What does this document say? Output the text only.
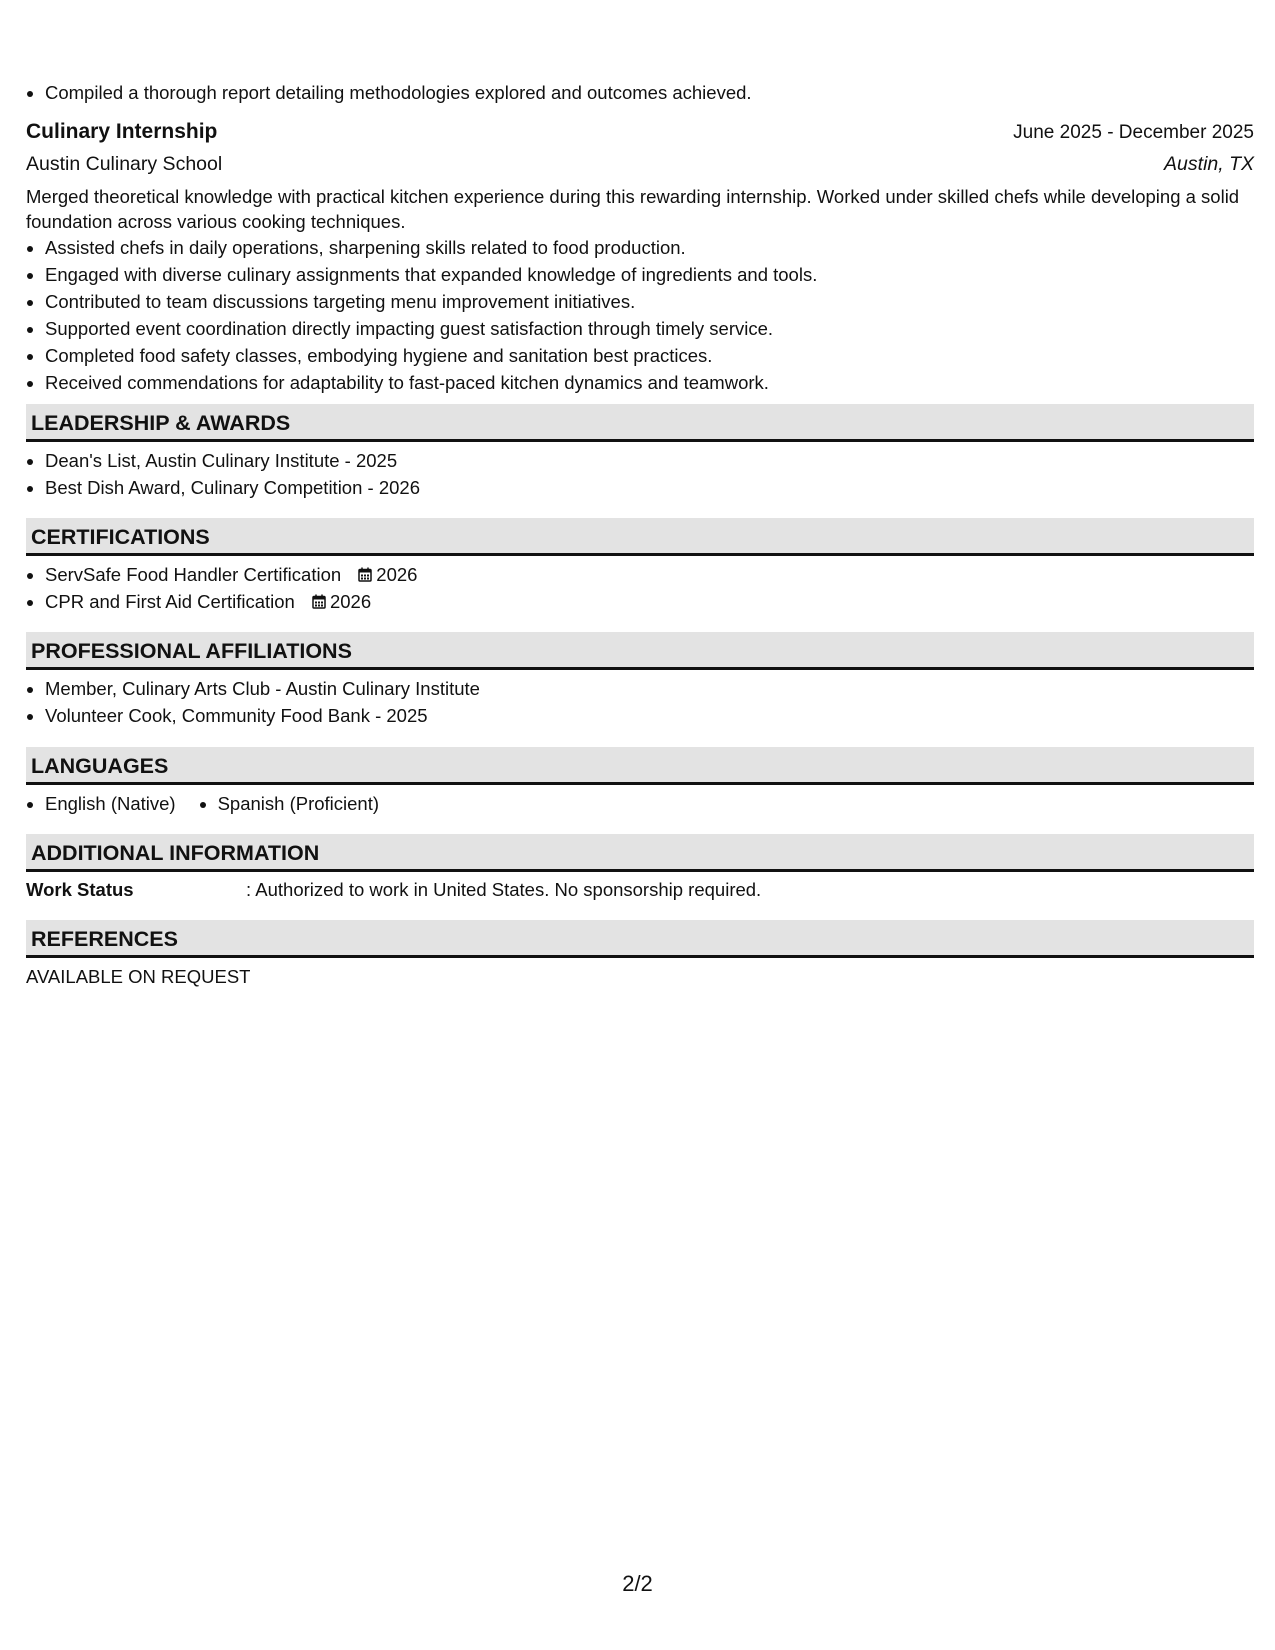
• Compiled a thorough report detailing methodologies explored and outcomes achieved.
Culinary Internship	June 2025 - December 2025
Austin Culinary School	Austin, TX
Merged theoretical knowledge with practical kitchen experience during this rewarding internship. Worked under skilled chefs while developing a solid foundation across various cooking techniques.
• Assisted chefs in daily operations, sharpening skills related to food production.
• Engaged with diverse culinary assignments that expanded knowledge of ingredients and tools.
• Contributed to team discussions targeting menu improvement initiatives.
• Supported event coordination directly impacting guest satisfaction through timely service.
• Completed food safety classes, embodying hygiene and sanitation best practices.
• Received commendations for adaptability to fast-paced kitchen dynamics and teamwork.
LEADERSHIP & AWARDS
• Dean's List, Austin Culinary Institute - 2025
• Best Dish Award, Culinary Competition - 2026
CERTIFICATIONS
• ServSafe Food Handler Certification 2026
• CPR and First Aid Certification 2026
PROFESSIONAL AFFILIATIONS
• Member, Culinary Arts Club - Austin Culinary Institute
• Volunteer Cook, Community Food Bank - 2025
LANGUAGES
• English (Native)
• Spanish (Proficient)
ADDITIONAL INFORMATION
Work Status	: Authorized to work in United States. No sponsorship required.
REFERENCES
AVAILABLE ON REQUEST
2/2
